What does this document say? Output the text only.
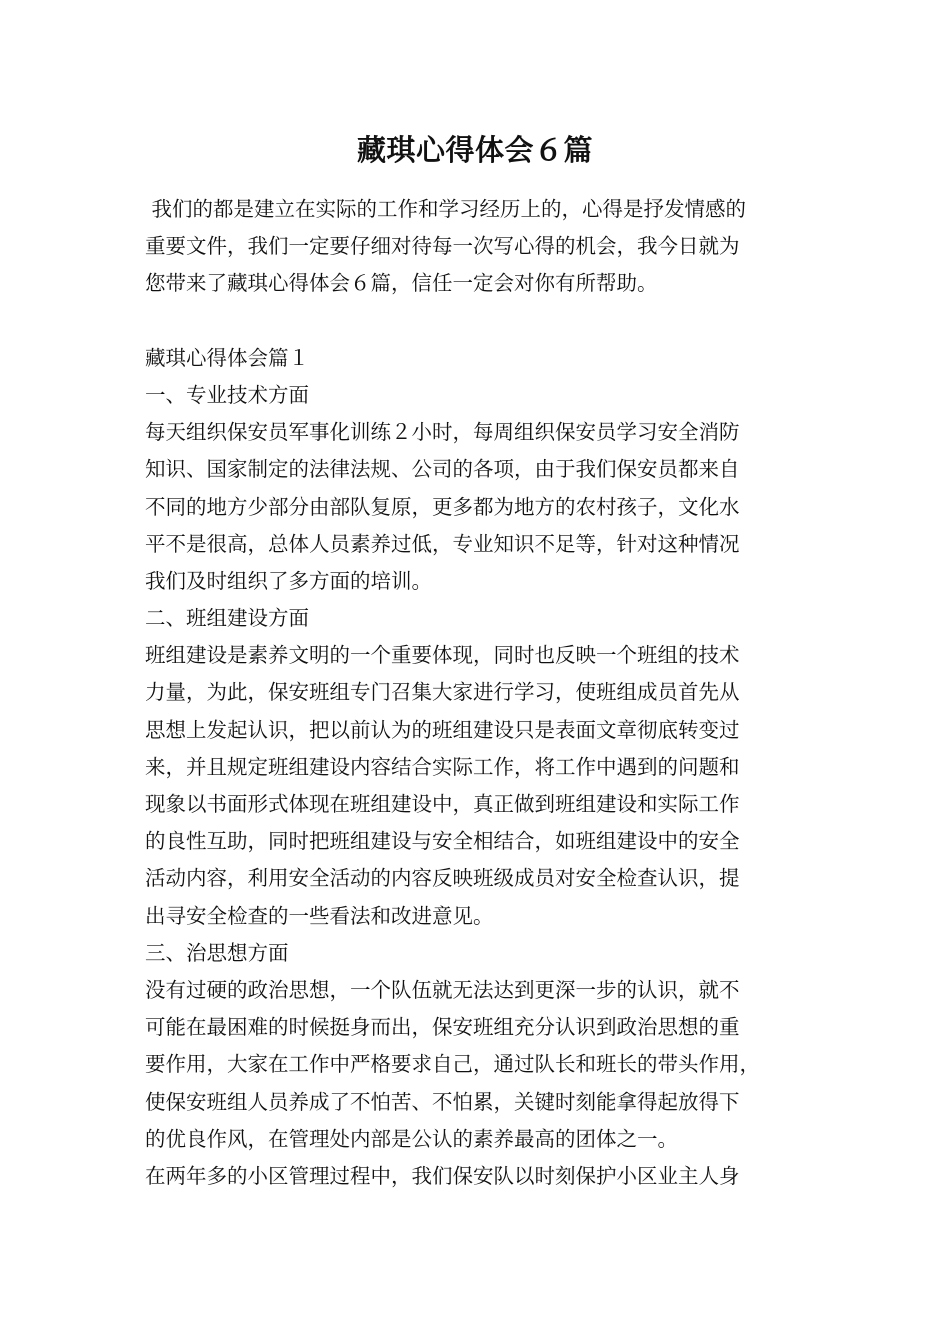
藏琪心得体会６篇
我们的都是建立在实际的工作和学习经历上的，心得是抒发情感的
重要文件，我们一定要仔细对待每一次写心得的机会，我今日就为
您带来了藏琪心得体会６篇，信任一定会对你有所帮助。
藏琪心得体会篇１
一、专业技术方面
每天组织保安员军事化训练２小时，每周组织保安员学习安全消防
知识、国家制定的法律法规、公司的各项，由于我们保安员都来自
不同的地方少部分由部队复原，更多都为地方的农村孩子，文化水
平不是很高，总体人员素养过低，专业知识不足等，针对这种情况
我们及时组织了多方面的培训。
二、班组建设方面
班组建设是素养文明的一个重要体现，同时也反映一个班组的技术
力量，为此，保安班组专门召集大家进行学习，使班组成员首先从
思想上发起认识，把以前认为的班组建设只是表面文章彻底转变过
来，并且规定班组建设内容结合实际工作，将工作中遇到的问题和
现象以书面形式体现在班组建设中，真正做到班组建设和实际工作
的良性互助，同时把班组建设与安全相结合，如班组建设中的安全
活动内容，利用安全活动的内容反映班级成员对安全检查认识，提
出寻安全检查的一些看法和改进意见。
三、治思想方面
没有过硬的政治思想，一个队伍就无法达到更深一步的认识，就不
可能在最困难的时候挺身而出，保安班组充分认识到政治思想的重
要作用，大家在工作中严格要求自己，通过队长和班长的带头作用，
使保安班组人员养成了不怕苦、不怕累，关键时刻能拿得起放得下
的优良作风，在管理处内部是公认的素养最高的团体之一。
在两年多的小区管理过程中，我们保安队以时刻保护小区业主人身
